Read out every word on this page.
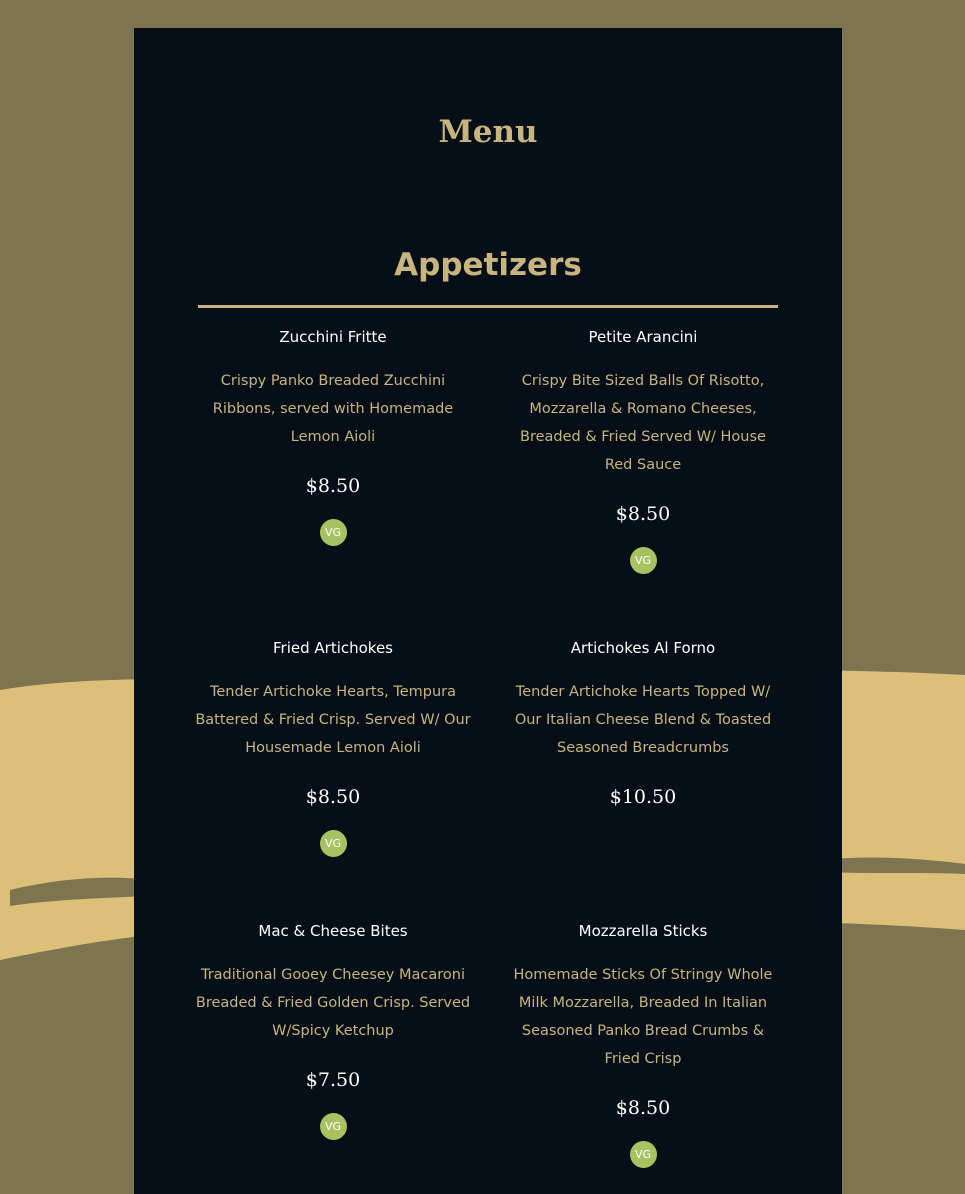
Menu
Appetizers
Zucchini Fritte
Crispy Panko Breaded Zucchini Ribbons, served with Homemade Lemon Aioli
$8.50
VG
Petite Arancini
Crispy Bite Sized Balls Of Risotto, Mozzarella & Romano Cheeses, Breaded & Fried Served W/ House Red Sauce
$8.50
VG
Fried Artichokes
Tender Artichoke Hearts, Tempura Battered & Fried Crisp. Served W/ Our Housemade Lemon Aioli
$8.50
VG
Artichokes Al Forno
Tender Artichoke Hearts Topped W/ Our Italian Cheese Blend & Toasted Seasoned Breadcrumbs
$10.50
Mac & Cheese Bites
Traditional Gooey Cheesey Macaroni Breaded & Fried Golden Crisp. Served W/Spicy Ketchup
$7.50
VG
Mozzarella Sticks
Homemade Sticks Of Stringy Whole Milk Mozzarella, Breaded In Italian Seasoned Panko Bread Crumbs & Fried Crisp
$8.50
VG
